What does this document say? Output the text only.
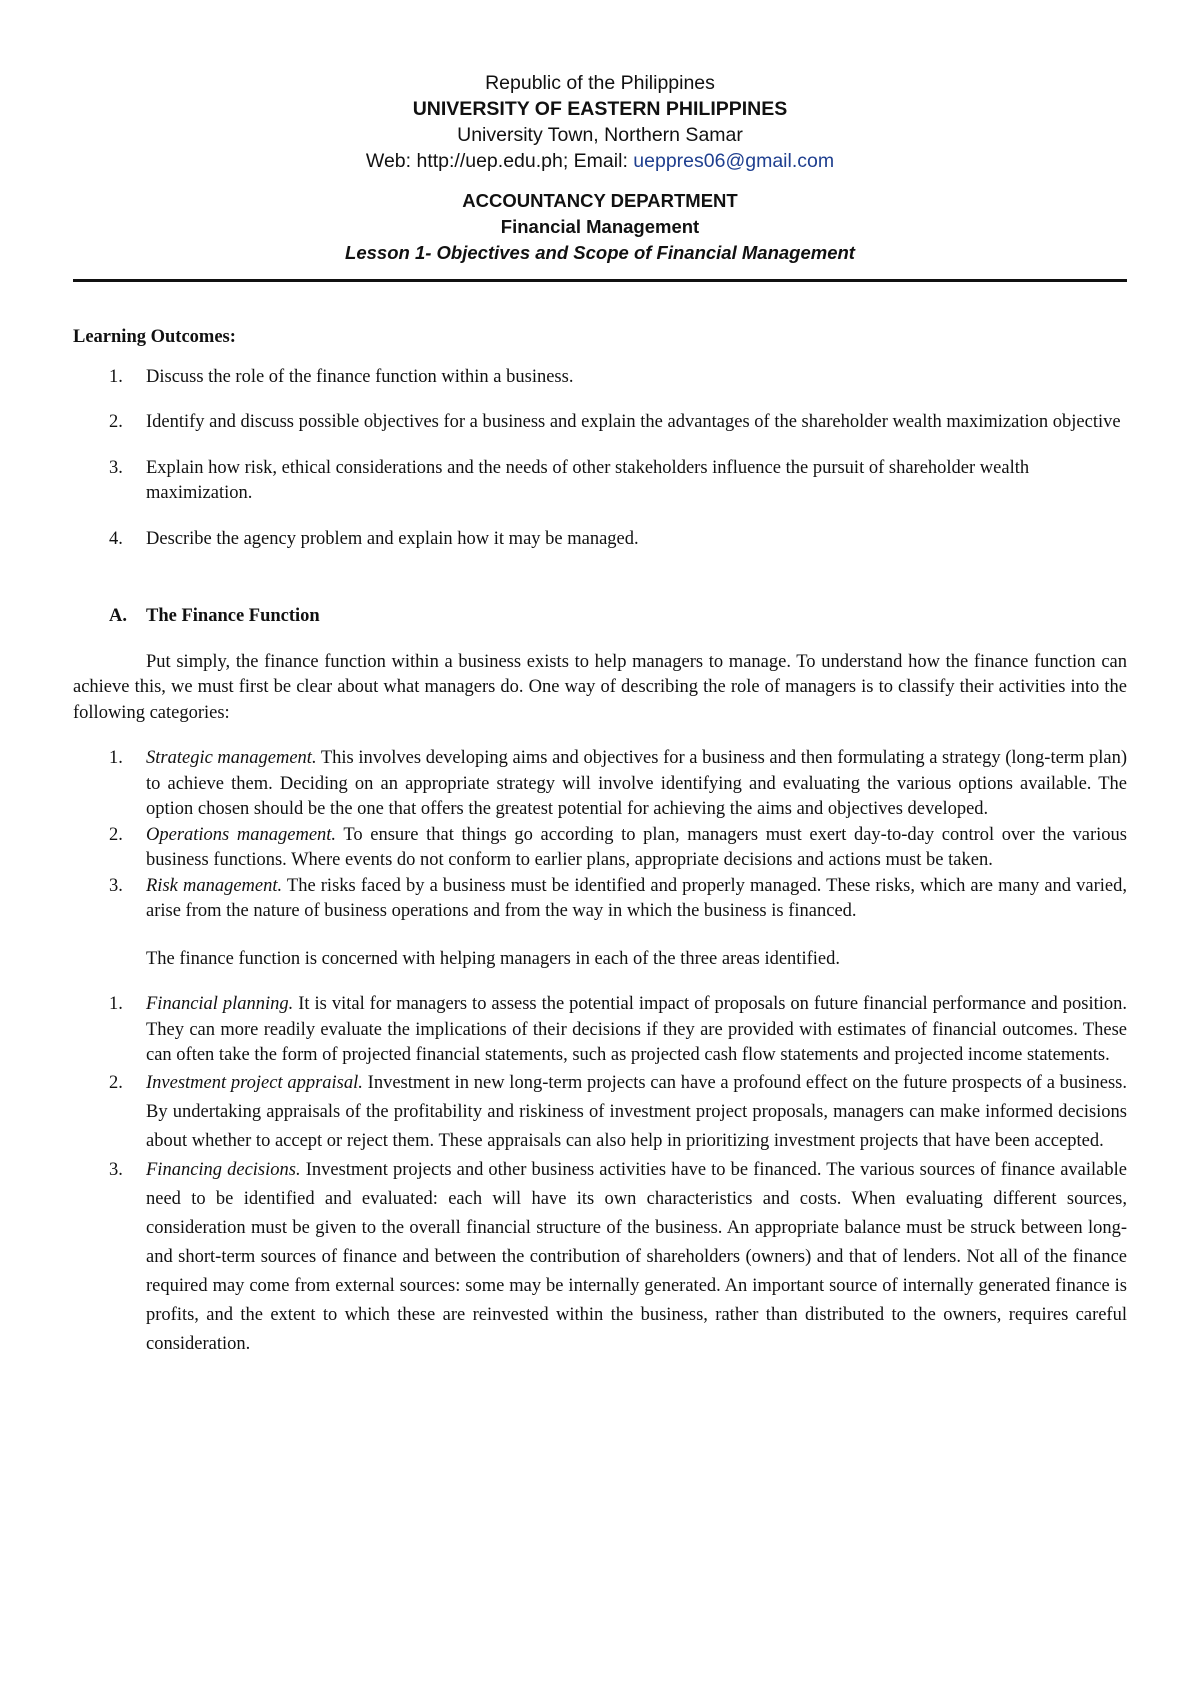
Republic of the Philippines
UNIVERSITY OF EASTERN PHILIPPINES
University Town, Northern Samar
Web: http://uep.edu.ph; Email: ueppres06@gmail.com
ACCOUNTANCY DEPARTMENT
Financial Management
Lesson 1- Objectives and Scope of Financial Management

Learning Outcomes:

1. Discuss the role of the finance function within a business.
2. Identify and discuss possible objectives for a business and explain the advantages of the shareholder wealth maximization objective
3. Explain how risk, ethical considerations and the needs of other stakeholders influence the pursuit of shareholder wealth maximization.
4. Describe the agency problem and explain how it may be managed.
A. The Finance Function

Put simply, the finance function within a business exists to help managers to manage. To understand how the finance function can achieve this, we must first be clear about what managers do. One way of describing the role of managers is to classify their activities into the following categories:

1. Strategic management. This involves developing aims and objectives for a business and then formulating a strategy (long-term plan) to achieve them. Deciding on an appropriate strategy will involve identifying and evaluating the various options available. The option chosen should be the one that offers the greatest potential for achieving the aims and objectives developed.
2. Operations management. To ensure that things go according to plan, managers must exert day-to-day control over the various business functions. Where events do not conform to earlier plans, appropriate decisions and actions must be taken.
3. Risk management. The risks faced by a business must be identified and properly managed. These risks, which are many and varied, arise from the nature of business operations and from the way in which the business is financed.

The finance function is concerned with helping managers in each of the three areas identified.

1. Financial planning. It is vital for managers to assess the potential impact of proposals on future financial performance and position. They can more readily evaluate the implications of their decisions if they are provided with estimates of financial outcomes. These can often take the form of projected financial statements, such as projected cash flow statements and projected income statements.
2. Investment project appraisal. Investment in new long-term projects can have a profound effect on the future prospects of a business. By undertaking appraisals of the profitability and riskiness of investment project proposals, managers can make informed decisions about whether to accept or reject them. These appraisals can also help in prioritizing investment projects that have been accepted.
3. Financing decisions. Investment projects and other business activities have to be financed. The various sources of finance available need to be identified and evaluated: each will have its own characteristics and costs. When evaluating different sources, consideration must be given to the overall financial structure of the business. An appropriate balance must be struck between long- and short-term sources of finance and between the contribution of shareholders (owners) and that of lenders. Not all of the finance required may come from external sources: some may be internally generated. An important source of internally generated finance is profits, and the extent to which these are reinvested within the business, rather than distributed to the owners, requires careful consideration.
